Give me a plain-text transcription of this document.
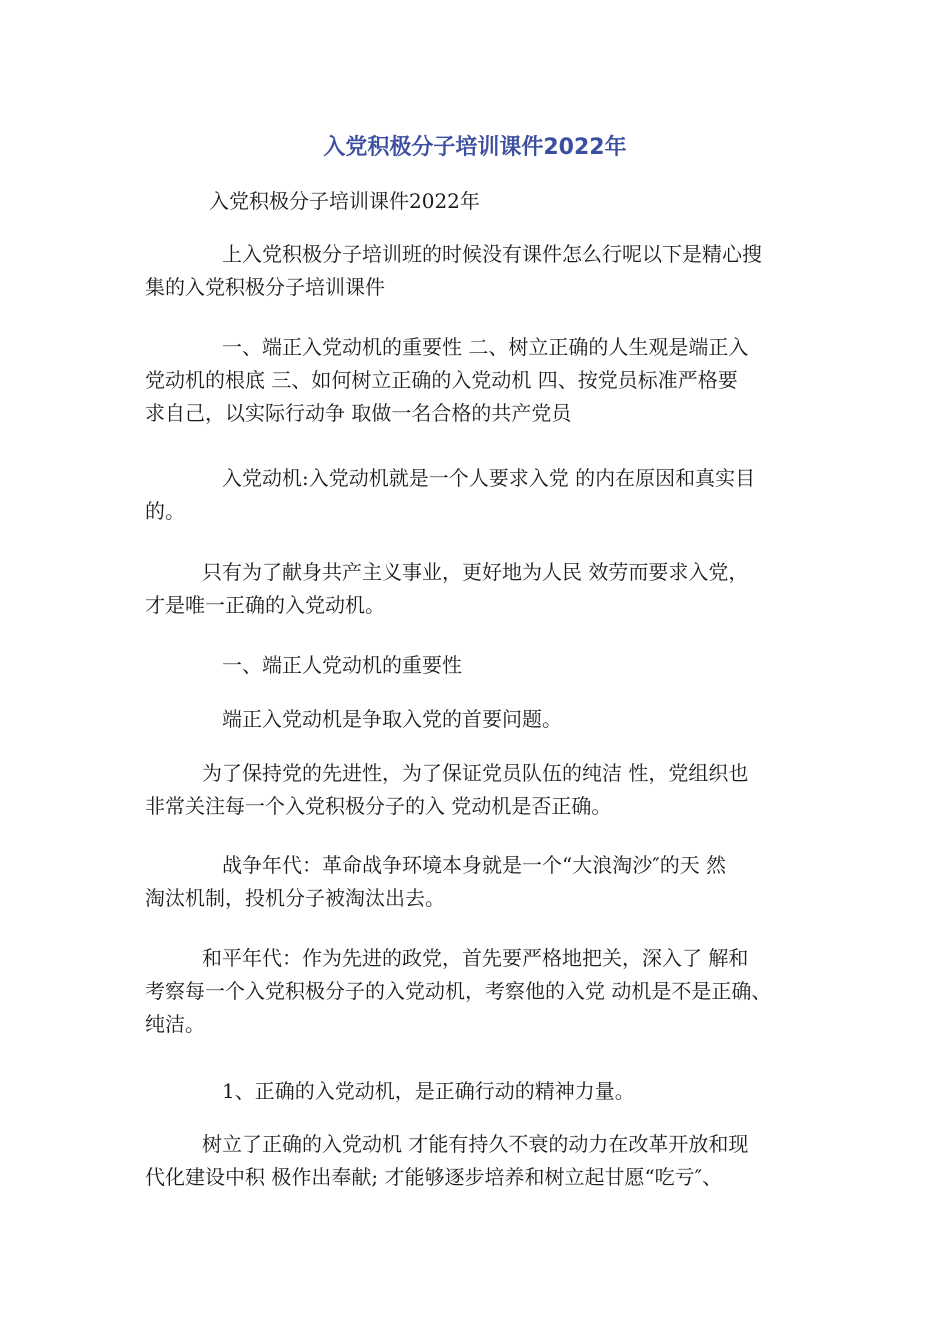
入党积极分子培训课件2022年

入党积极分子培训课件2022年

上入党积极分子培训班的时候没有课件怎么行呢以下是精心搜
集的入党积极分子培训课件

一、端正入党动机的重要性 二、树立正确的人生观是端正入
党动机的根底 三、如何树立正确的入党动机 四、按党员标准严格要
求自己，以实际行动争 取做一名合格的共产党员

入党动机:入党动机就是一个人要求入党 的内在原因和真实目
的。

只有为了献身共产主义事业，更好地为人民 效劳而要求入党，
才是唯一正确的入党动机。

一、端正人党动机的重要性

端正入党动机是争取入党的首要问题。

为了保持党的先进性，为了保证党员队伍的纯洁 性，党组织也
非常关注每一个入党积极分子的入 党动机是否正确。

战争年代：革命战争环境本身就是一个“大浪淘沙″的天 然
淘汰机制，投机分子被淘汰出去。

和平年代：作为先进的政党，首先要严格地把关，深入了 解和
考察每一个入党积极分子的入党动机，考察他的入党 动机是不是正确、
纯洁。

1、正确的入党动机，是正确行动的精神力量。

树立了正确的入党动机 才能有持久不衰的动力在改革开放和现
代化建设中积 极作出奉献; 才能够逐步培养和树立起甘愿“吃亏″、
